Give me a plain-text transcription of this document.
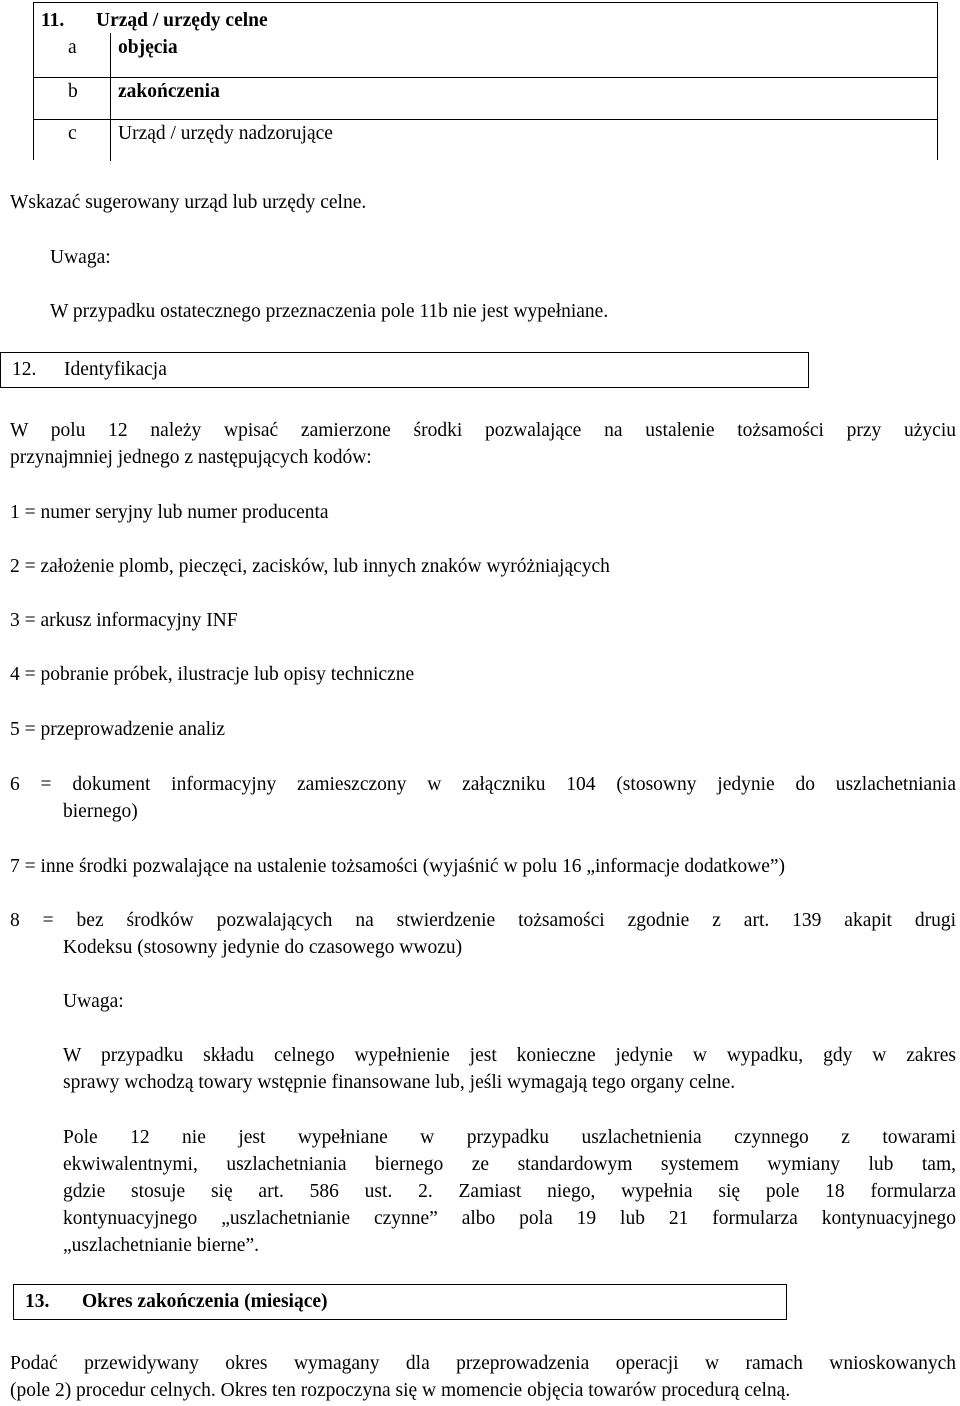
11. Urząd / urzędy celne
a objęcia
b zakończenia
c Urząd / urzędy nadzorujące
Wskazać sugerowany urząd lub urzędy celne.
Uwaga:
W przypadku ostatecznego przeznaczenia pole 11b nie jest wypełniane.
12. Identyfikacja
W polu 12 należy wpisać zamierzone środki pozwalające na ustalenie tożsamości przy użyciu
przynajmniej jednego z następujących kodów:
1 = numer seryjny lub numer producenta
2 = założenie plomb, pieczęci, zacisków, lub innych znaków wyróżniających
3 = arkusz informacyjny INF
4 = pobranie próbek, ilustracje lub opisy techniczne
5 = przeprowadzenie analiz
6 = dokument informacyjny zamieszczony w załączniku 104 (stosowny jedynie do uszlachetniania
biernego)
7 = inne środki pozwalające na ustalenie tożsamości (wyjaśnić w polu 16 „informacje dodatkowe”)
8 = bez środków pozwalających na stwierdzenie tożsamości zgodnie z art. 139 akapit drugi
Kodeksu (stosowny jedynie do czasowego wwozu)
Uwaga:
W przypadku składu celnego wypełnienie jest konieczne jedynie w wypadku, gdy w zakres
sprawy wchodzą towary wstępnie finansowane lub, jeśli wymagają tego organy celne.
Pole 12 nie jest wypełniane w przypadku uszlachetnienia czynnego z towarami
ekwiwalentnymi, uszlachetniania biernego ze standardowym systemem wymiany lub tam,
gdzie stosuje się art. 586 ust. 2. Zamiast niego, wypełnia się pole 18 formularza
kontynuacyjnego „uszlachetnianie czynne” albo pola 19 lub 21 formularza kontynuacyjnego
„uszlachetnianie bierne”.
13. Okres zakończenia (miesiące)
Podać przewidywany okres wymagany dla przeprowadzenia operacji w ramach wnioskowanych
(pole 2) procedur celnych. Okres ten rozpoczyna się w momencie objęcia towarów procedurą celną.
